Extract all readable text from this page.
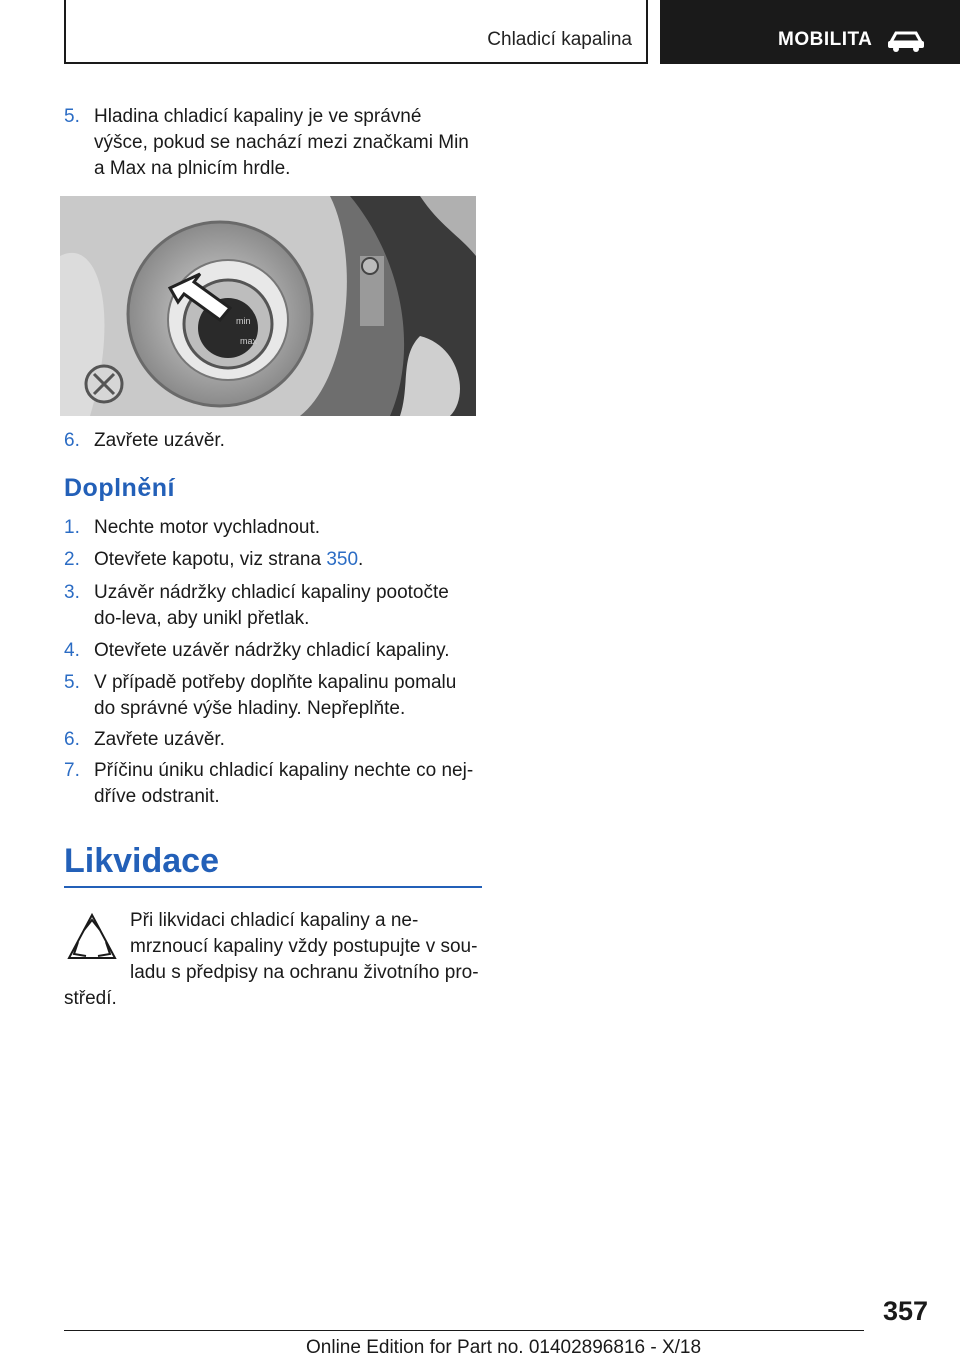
Chladicí kapalina	MOBILITA
5. Hladina chladicí kapaliny je ve správné výšce, pokud se nachází mezi značkami Min a Max na plnicím hrdle.
min
max
6. Zavřete uzávěr.
Doplnění
1. Nechte motor vychladnout.
2. Otevřete kapotu, viz strana 350.
3. Uzávěr nádržky chladicí kapaliny pootočte do-leva, aby unikl přetlak.
4. Otevřete uzávěr nádržky chladicí kapaliny.
5. V případě potřeby doplňte kapalinu pomalu do správné výše hladiny. Nepřeplňte.
6. Zavřete uzávěr.
7. Příčinu úniku chladicí kapaliny nechte co nej-dříve odstranit.
Likvidace
Při likvidaci chladicí kapaliny a ne-
mrznoucí kapaliny vždy postupujte v sou-
ladu s předpisy na ochranu životního pro-
středí.
357
Online Edition for Part no. 01402896816 - X/18
